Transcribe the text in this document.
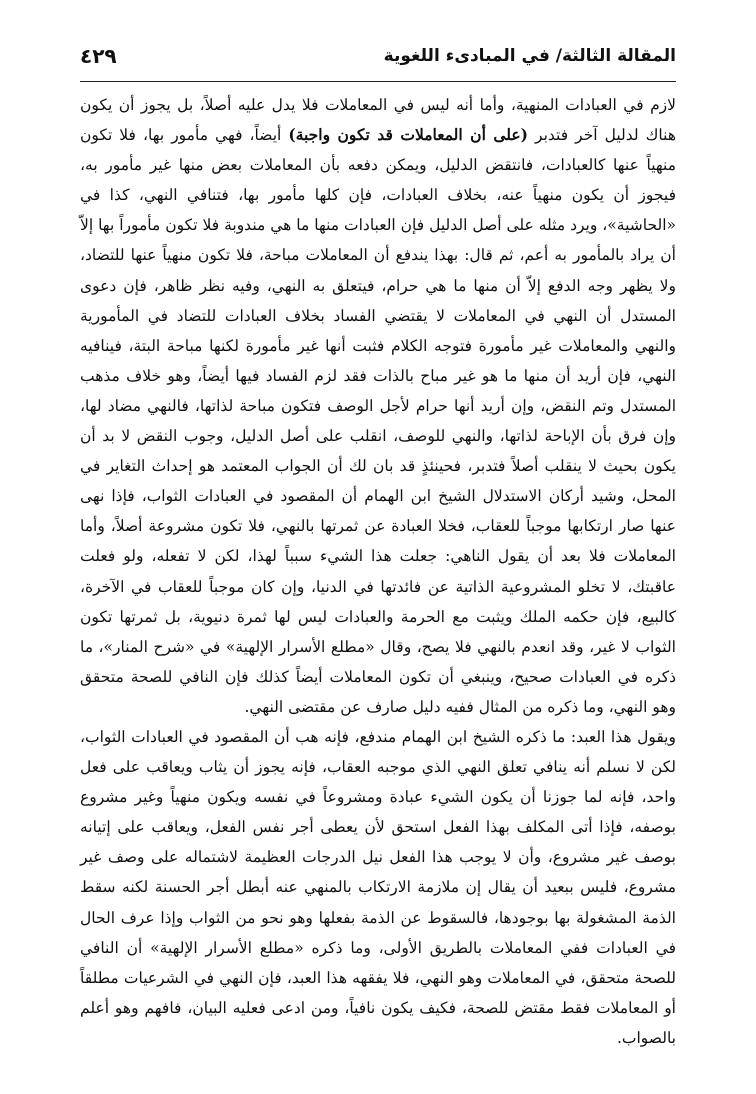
المقالة الثالثة/ في المبادىء اللغوية
٤٢٩

لازم في العبادات المنهية، وأما أنه ليس في المعاملات فلا يدل عليه أصلاً، بل يجوز أن يكون هناك لدليل آخر فتدبر (على أن المعاملات قد تكون واجبة) أيضاً، فهي مأمور بها، فلا تكون منهياً عنها كالعبادات، فانتقض الدليل، ويمكن دفعه بأن المعاملات بعض منها غير مأمور به، فيجوز أن يكون منهياً عنه، بخلاف العبادات، فإن كلها مأمور بها، فتنافي النهي، كذا في «الحاشية»، ويرد مثله على أصل الدليل فإن العبادات منها ما هي مندوبة فلا تكون مأموراً بها إلاّ أن يراد بالمأمور به أعم، ثم قال: بهذا يندفع أن المعاملات مباحة، فلا تكون منهياً عنها للتضاد، ولا يظهر وجه الدفع إلاّ أن منها ما هي حرام، فيتعلق به النهي، وفيه نظر ظاهر، فإن دعوى المستدل أن النهي في المعاملات لا يقتضي الفساد بخلاف العبادات للتضاد في المأمورية والنهي والمعاملات غير مأمورة فتوجه الكلام فثبت أنها غير مأمورة لكنها مباحة البتة، فينافيه النهي، فإن أريد أن منها ما هو غير مباح بالذات فقد لزم الفساد فيها أيضاً، وهو خلاف مذهب المستدل وتم النقض، وإن أريد أنها حرام لأجل الوصف فتكون مباحة لذاتها، فالنهي مضاد لها، وإن فرق بأن الإباحة لذاتها، والنهي للوصف، انقلب على أصل الدليل، وجوب النقض لا بد أن يكون بحيث لا ينقلب أصلاً فتدبر، فحينئذٍ قد بان لك أن الجواب المعتمد هو إحداث التغاير في المحل، وشيد أركان الاستدلال الشيخ ابن الهمام أن المقصود في العبادات الثواب، فإذا نهى عنها صار ارتكابها موجباً للعقاب، فخلا العبادة عن ثمرتها بالنهي، فلا تكون مشروعة أصلاً، وأما المعاملات فلا بعد أن يقول الناهي: جعلت هذا الشيء سبباً لهذا، لكن لا تفعله، ولو فعلت عاقبتك، لا تخلو المشروعية الذاتية عن فائدتها في الدنيا، وإن كان موجباً للعقاب في الآخرة، كالبيع، فإن حكمه الملك ويثبت مع الحرمة والعبادات ليس لها ثمرة دنيوية، بل ثمرتها تكون الثواب لا غير، وقد انعدم بالنهي فلا يصح، وقال «مطلع الأسرار الإلهية» في «شرح المنار»، ما ذكره في العبادات صحيح، وينبغي أن تكون المعاملات أيضاً كذلك فإن النافي للصحة متحقق وهو النهي، وما ذكره من المثال ففيه دليل صارف عن مقتضى النهي.

ويقول هذا العبد: ما ذكره الشيخ ابن الهمام مندفع، فإنه هب أن المقصود في العبادات الثواب، لكن لا نسلم أنه ينافي تعلق النهي الذي موجبه العقاب، فإنه يجوز أن يثاب ويعاقب على فعل واحد، فإنه لما جوزنا أن يكون الشيء عبادة ومشروعاً في نفسه ويكون منهياً وغير مشروع بوصفه، فإذا أتى المكلف بهذا الفعل استحق لأن يعطى أجر نفس الفعل، ويعاقب على إتيانه بوصف غير مشروع، وأن لا يوجب هذا الفعل نيل الدرجات العظيمة لاشتماله على وصف غير مشروع، فليس ببعيد أن يقال إن ملازمة الارتكاب بالمنهي عنه أبطل أجر الحسنة لكنه سقط الذمة المشغولة بها بوجودها، فالسقوط عن الذمة بفعلها وهو نحو من الثواب وإذا عرف الحال في العبادات ففي المعاملات بالطريق الأولى، وما ذكره «مطلع الأسرار الإلهية» أن النافي للصحة متحقق، في المعاملات وهو النهي، فلا يفقهه هذا العبد، فإن النهي في الشرعيات مطلقاً أو المعاملات فقط مقتض للصحة، فكيف يكون نافياً، ومن ادعى فعليه البيان، فافهم وهو أعلم بالصواب.
